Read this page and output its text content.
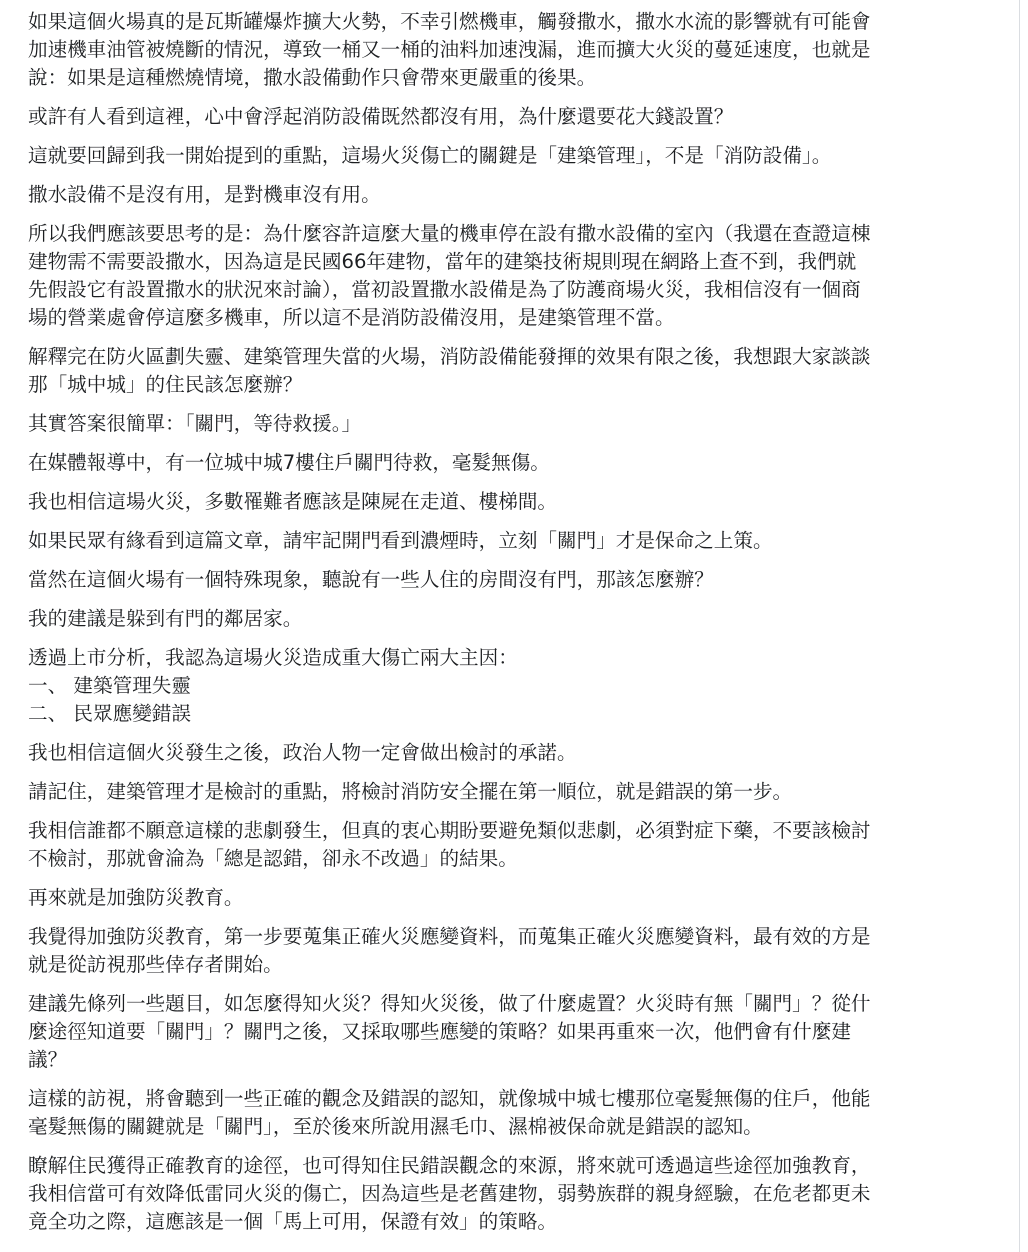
如果這個火場真的是瓦斯罐爆炸擴大火勢，不幸引燃機車，觸發撒水，撒水水流的影響就有可能會
加速機車油管被燒斷的情況，導致一桶又一桶的油料加速洩漏，進而擴大火災的蔓延速度，也就是
說：如果是這種燃燒情境，撒水設備動作只會帶來更嚴重的後果。

或許有人看到這裡，心中會浮起消防設備既然都沒有用，為什麼還要花大錢設置？

這就要回歸到我一開始提到的重點，這場火災傷亡的關鍵是「建築管理」，不是「消防設備」。

撒水設備不是沒有用，是對機車沒有用。

所以我們應該要思考的是：為什麼容許這麼大量的機車停在設有撒水設備的室內（我還在查證這棟
建物需不需要設撒水，因為這是民國66年建物，當年的建築技術規則現在網路上查不到，我們就
先假設它有設置撒水的狀況來討論），當初設置撒水設備是為了防護商場火災，我相信沒有一個商
場的營業處會停這麼多機車，所以這不是消防設備沒用，是建築管理不當。

解釋完在防火區劃失靈、建築管理失當的火場，消防設備能發揮的效果有限之後，我想跟大家談談
那「城中城」的住民該怎麼辦？

其實答案很簡單：「關門，等待救援。」

在媒體報導中，有一位城中城7樓住戶關門待救，毫髮無傷。

我也相信這場火災，多數罹難者應該是陳屍在走道、樓梯間。

如果民眾有緣看到這篇文章，請牢記開門看到濃煙時，立刻「關門」才是保命之上策。

當然在這個火場有一個特殊現象，聽說有一些人住的房間沒有門，那該怎麼辦？

我的建議是躲到有門的鄰居家。

透過上市分析，我認為這場火災造成重大傷亡兩大主因：
一、 建築管理失靈
二、 民眾應變錯誤

我也相信這個火災發生之後，政治人物一定會做出檢討的承諾。

請記住，建築管理才是檢討的重點，將檢討消防安全擺在第一順位，就是錯誤的第一步。

我相信誰都不願意這樣的悲劇發生，但真的衷心期盼要避免類似悲劇，必須對症下藥，不要該檢討
不檢討，那就會淪為「總是認錯，卻永不改過」的結果。

再來就是加強防災教育。

我覺得加強防災教育，第一步要蒐集正確火災應變資料，而蒐集正確火災應變資料，最有效的方是
就是從訪視那些倖存者開始。

建議先條列一些題目，如怎麼得知火災？得知火災後，做了什麼處置？火災時有無「關門」？從什
麼途徑知道要「關門」？關門之後，又採取哪些應變的策略？如果再重來一次，他們會有什麼建
議？

這樣的訪視，將會聽到一些正確的觀念及錯誤的認知，就像城中城七樓那位毫髮無傷的住戶，他能
毫髮無傷的關鍵就是「關門」，至於後來所說用濕毛巾、濕棉被保命就是錯誤的認知。

瞭解住民獲得正確教育的途徑，也可得知住民錯誤觀念的來源，將來就可透過這些途徑加強教育，
我相信當可有效降低雷同火災的傷亡，因為這些是老舊建物，弱勢族群的親身經驗，在危老都更未
竟全功之際，這應該是一個「馬上可用，保證有效」的策略。
